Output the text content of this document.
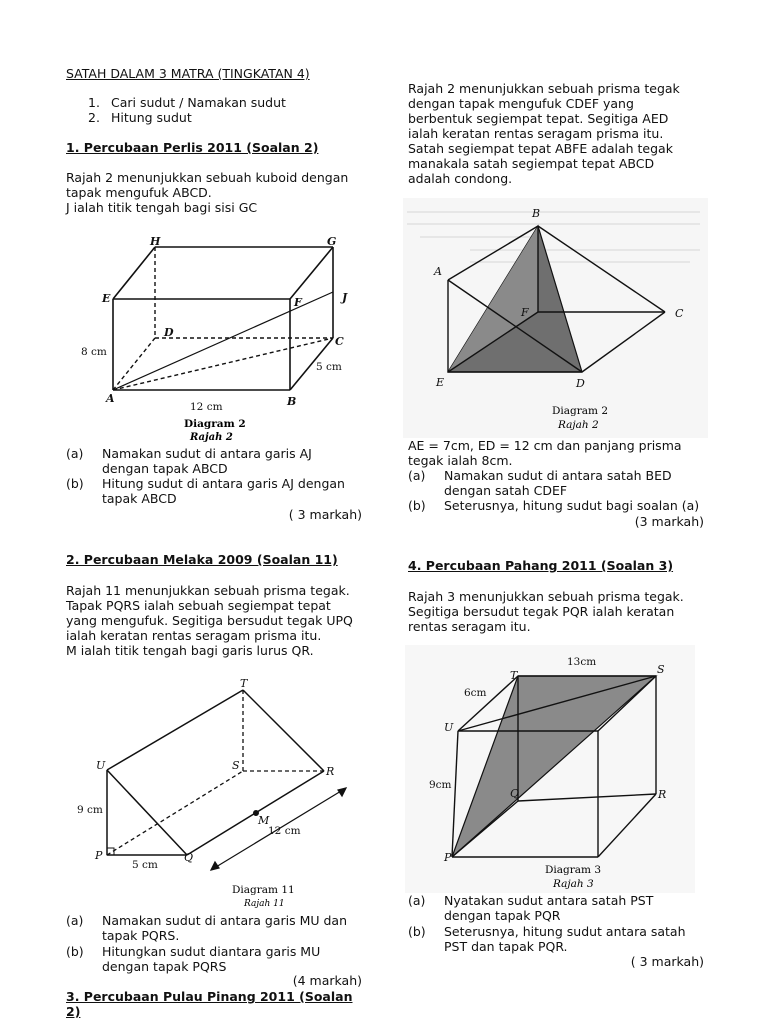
SATAH DALAM 3 MATRA (TINGKATAN 4)
1. Cari sudut / Namakan sudut
2. Hitung sudut
1. Percubaan Perlis 2011 (Soalan 2)
Rajah 2 menunjukkan sebuah kuboid dengan
tapak mengufuk ABCD.
J ialah titik tengah bagi sisi GC
H	G
E	F	J
D
C
A	B
8 cm
12 cm
5 cm
Diagram 2
Rajah 2
(a) Namakan sudut di antara garis AJ
dengan tapak ABCD
(b) Hitung sudut di antara garis AJ dengan
tapak ABCD
( 3 markah)
2. Percubaan Melaka 2009 (Soalan 11)
Rajah 11 menunjukkan sebuah prisma tegak.
Tapak PQRS ialah sebuah segiempat tepat
yang mengufuk. Segitiga bersudut tegak UPQ
ialah keratan rentas seragam prisma itu.
M ialah titik tengah bagi garis lurus QR.
T
U	S	R
M
P	Q
9 cm
5 cm
12 cm
Diagram 11
Rajah 11
(a) Namakan sudut di antara garis MU dan
tapak PQRS.
(b) Hitungkan sudut diantara garis MU
dengan tapak PQRS
(4 markah)
3. Percubaan Pulau Pinang 2011 (Soalan 2)
Rajah 2 menunjukkan sebuah prisma tegak
dengan tapak mengufuk CDEF yang
berbentuk segiempat tepat. Segitiga AED
ialah keratan rentas seragam prisma itu.
Satah segiempat tepat ABFE adalah tegak
manakala satah segiempat tepat ABCD
adalah condong.
A
B
C
D
E
F
Diagram 2
Rajah 2
AE = 7cm, ED = 12 cm dan panjang prisma
tegak ialah 8cm.
(a) Namakan sudut di antara satah BED
dengan satah CDEF
(b) Seterusnya, hitung sudut bagi soalan (a)
(3 markah)
4. Percubaan Pahang 2011 (Soalan 3)
Rajah 3 menunjukkan sebuah prisma tegak.
Segitiga bersudut tegak PQR ialah keratan
rentas seragam itu.
T	S
U
Q	R
P
13cm
6cm
9cm
Diagram 3
Rajah 3
(a) Nyatakan sudut antara satah PST
dengan tapak PQR
(b) Seterusnya, hitung sudut antara satah
PST dan tapak PQR.
( 3 markah)
